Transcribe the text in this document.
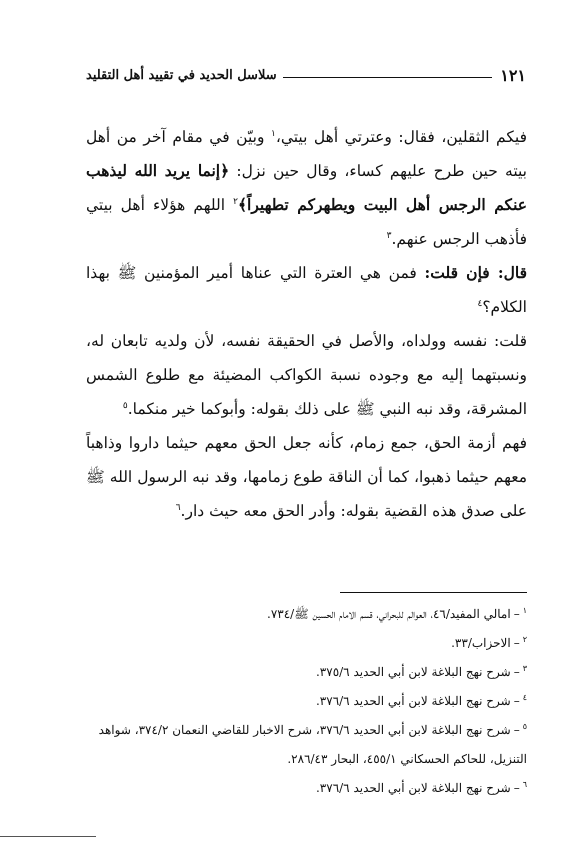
١٢١
سلاسل الحديد في تقييد أهل التقليد

فيكم الثقلين، فقال: وعترتي أهل بيتي،$^١$ وبيّن في مقام آخر من أهل بيته حين طرح عليهم كساء، وقال حين نزل: ﴿إنما يريد الله ليذهب عنكم الرجس أهل البيت ويطهركم تطهيراً﴾$^٢$ اللهم هؤلاء أهل بيتي فأذهب الرجس عنهم.$^٣$

قال: فإن قلت: فمن هي العترة التي عناها أمير المؤمنين ﷺ بهذا الكلام؟$^٤$

قلت: نفسه وولداه، والأصل في الحقيقة نفسه، لأن ولديه تابعان له، ونسبتهما إليه مع وجوده نسبة الكواكب المضيئة مع طلوع الشمس المشرقة، وقد نبه النبي ﷺ على ذلك بقوله: وأبوكما خير منكما.$^٥$

فهم أزمة الحق، جمع زمام، كأنه جعل الحق معهم حيثما داروا وذاهباً معهم حيثما ذهبوا، كما أن الناقة طوع زمامها، وقد نبه الرسول الله ﷺ على صدق هذه القضية بقوله: وأدر الحق معه حيث دار.$^٦$

$^١$–امالي المفيد/٤٦، العوالم للبحراني، قسم الامام الحسين ﷺ/٧٣٤.

$^٢$–الاحزاب/٣٣.

$^٣$–شرح نهج البلاغة لابن أبي الحديد ٣٧٥/٦.

$^٤$–شرح نهج البلاغة لابن أبي الحديد ٣٧٦/٦.

$^٥$–شرح نهج البلاغة لابن أبي الحديد ٣٧٦/٦، شرح الاخبار للقاضي النعمان ٣٧٤/٢، شواهد

التنزيل، للحاكم الحسكاني ٤٥٥/١، البحار ٢٨٦/٤٣.

$^٦$–شرح نهج البلاغة لابن أبي الحديد ٣٧٦/٦.
